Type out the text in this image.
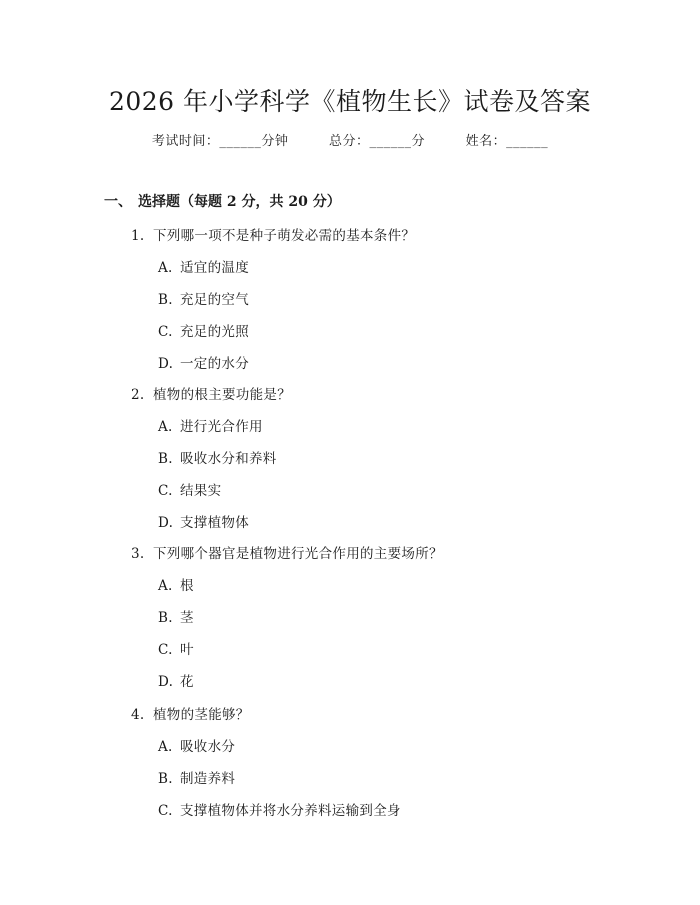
2026 年小学科学《植物生长》试卷及答案
考试时间：______分钟	总分：______分	姓名：______
一、 选择题（每题 2 分，共 20 分）
1. 下列哪一项不是种子萌发必需的基本条件？
A. 适宜的温度
B. 充足的空气
C. 充足的光照
D. 一定的水分
2. 植物的根主要功能是？
A. 进行光合作用
B. 吸收水分和养料
C. 结果实
D. 支撑植物体
3. 下列哪个器官是植物进行光合作用的主要场所？
A. 根
B. 茎
C. 叶
D. 花
4. 植物的茎能够？
A. 吸收水分
B. 制造养料
C. 支撑植物体并将水分养料运输到全身
